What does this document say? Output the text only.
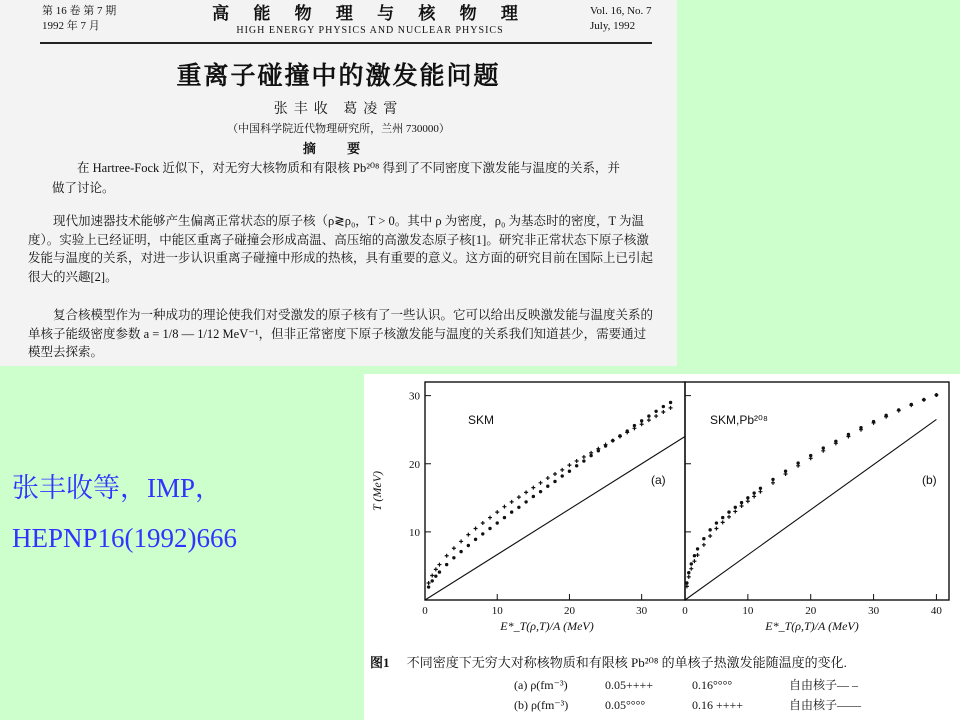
第 16 卷 第 7 期
1992 年 7 月
高 能 物 理 与 核 物 理
HIGH ENERGY PHYSICS AND NUCLEAR PHYSICS
Vol. 16, No. 7
July, 1992
重离子碰撞中的激发能问题
张丰收 葛凌霄
（中国科学院近代物理研究所，兰州 730000）
摘 要
在 Hartree-Fock 近似下，对无穷大核物质和有限核 Pb²⁰⁸ 得到了不同密度下激发能与温度的关系，并做了讨论。
现代加速器技术能够产生偏离正常状态的原子核（ρ≷ρ₀，T > 0。其中 ρ 为密度，ρ₀ 为基态时的密度，T 为温度）。实验上已经证明，中能区重离子碰撞会形成高温、高压缩的高激发态原子核[1]。研究非正常状态下原子核激发能与温度的关系，对进一步认识重离子碰撞中形成的热核，具有重要的意义。这方面的研究目前在国际上已引起很大的兴趣[2]。
复合核模型作为一种成功的理论使我们对受激发的原子核有了一些认识。它可以给出反映激发能与温度关系的单核子能级密度参数 a = 1/8 — 1/12 MeV⁻¹，但非正常密度下原子核激发能与温度的关系我们知道甚少，需要通过模型去探索。
张丰收等，IMP，
HEPNP16(1992)666
0	10	20	30
10
20
30
SKM
(a)
E*_T(ρ,T)/A (MeV)
T (MeV)
0	10	20	30	40
SKM,Pb²⁰⁸
(b)
E*_T(ρ,T)/A (MeV)
图1 不同密度下无穷大对称核物质和有限核 Pb²⁰⁸ 的单核子热激发能随温度的变化.
(a) ρ(fm⁻³)	0.05++++	0.16°°°°	自由核子— –
(b) ρ(fm⁻³)	0.05°°°°	0.16 ++++	自由核子——
